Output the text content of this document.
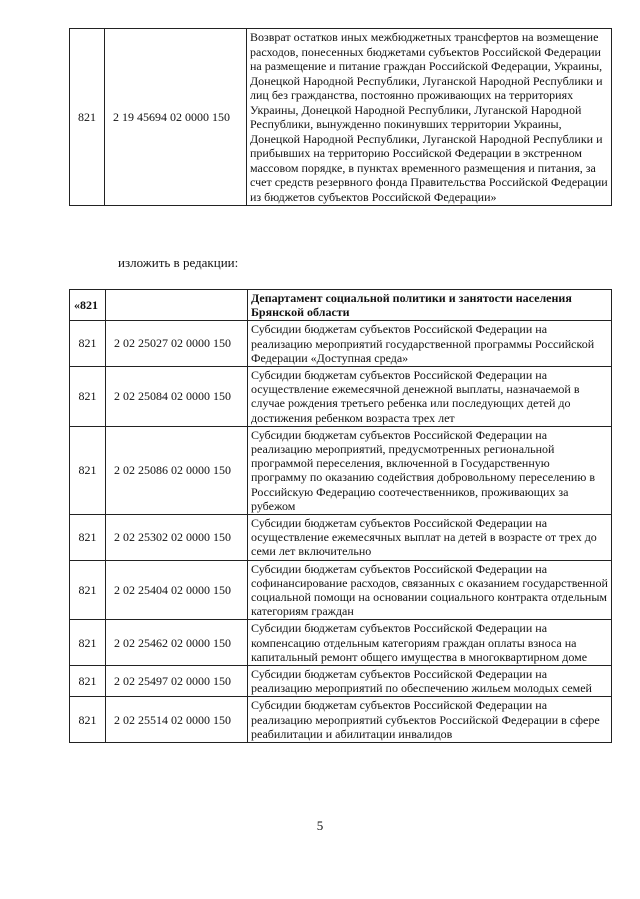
821	2 19 45694 02 0000 150	Возврат остатков иных межбюджетных трансфертов на возмещение расходов, понесенных бюджетами субъектов Российской Федерации на размещение и питание граждан Российской Федерации, Украины, Донецкой Народной Республики, Луганской Народной Республики и лиц без гражданства, постоянно проживающих на территориях Украины, Донецкой Народной Республики, Луганской Народной Республики, вынужденно покинувших территории Украины, Донецкой Народной Республики, Луганской Народной Республики и прибывших на территорию Российской Федерации в экстренном массовом порядке, в пунктах временного размещения и питания, за счет средств резервного фонда Правительства Российской Федерации из бюджетов субъектов Российской Федерации»
изложить в редакции:
«821		Департамент социальной политики и занятости населения Брянской области
821	2 02 25027 02 0000 150	Субсидии бюджетам субъектов Российской Федерации на реализацию мероприятий государственной программы Российской Федерации «Доступная среда»
821	2 02 25084 02 0000 150	Субсидии бюджетам субъектов Российской Федерации на осуществление ежемесячной денежной выплаты, назначаемой в случае рождения третьего ребенка или последующих детей до достижения ребенком возраста трех лет
821	2 02 25086 02 0000 150	Субсидии бюджетам субъектов Российской Федерации на реализацию мероприятий, предусмотренных региональной программой переселения, включенной в Государственную программу по оказанию содействия добровольному переселению в Российскую Федерацию соотечественников, проживающих за рубежом
821	2 02 25302 02 0000 150	Субсидии бюджетам субъектов Российской Федерации на осуществление ежемесячных выплат на детей в возрасте от трех до семи лет включительно
821	2 02 25404 02 0000 150	Субсидии бюджетам субъектов Российской Федерации на софинансирование расходов, связанных с оказанием государственной социальной помощи на основании социального контракта отдельным категориям граждан
821	2 02 25462 02 0000 150	Субсидии бюджетам субъектов Российской Федерации на компенсацию отдельным категориям граждан оплаты взноса на капитальный ремонт общего имущества в многоквартирном доме
821	2 02 25497 02 0000 150	Субсидии бюджетам субъектов Российской Федерации на реализацию мероприятий по обеспечению жильем молодых семей
821	2 02 25514 02 0000 150	Субсидии бюджетам субъектов Российской Федерации на реализацию мероприятий субъектов Российской Федерации в сфере реабилитации и абилитации инвалидов
5
